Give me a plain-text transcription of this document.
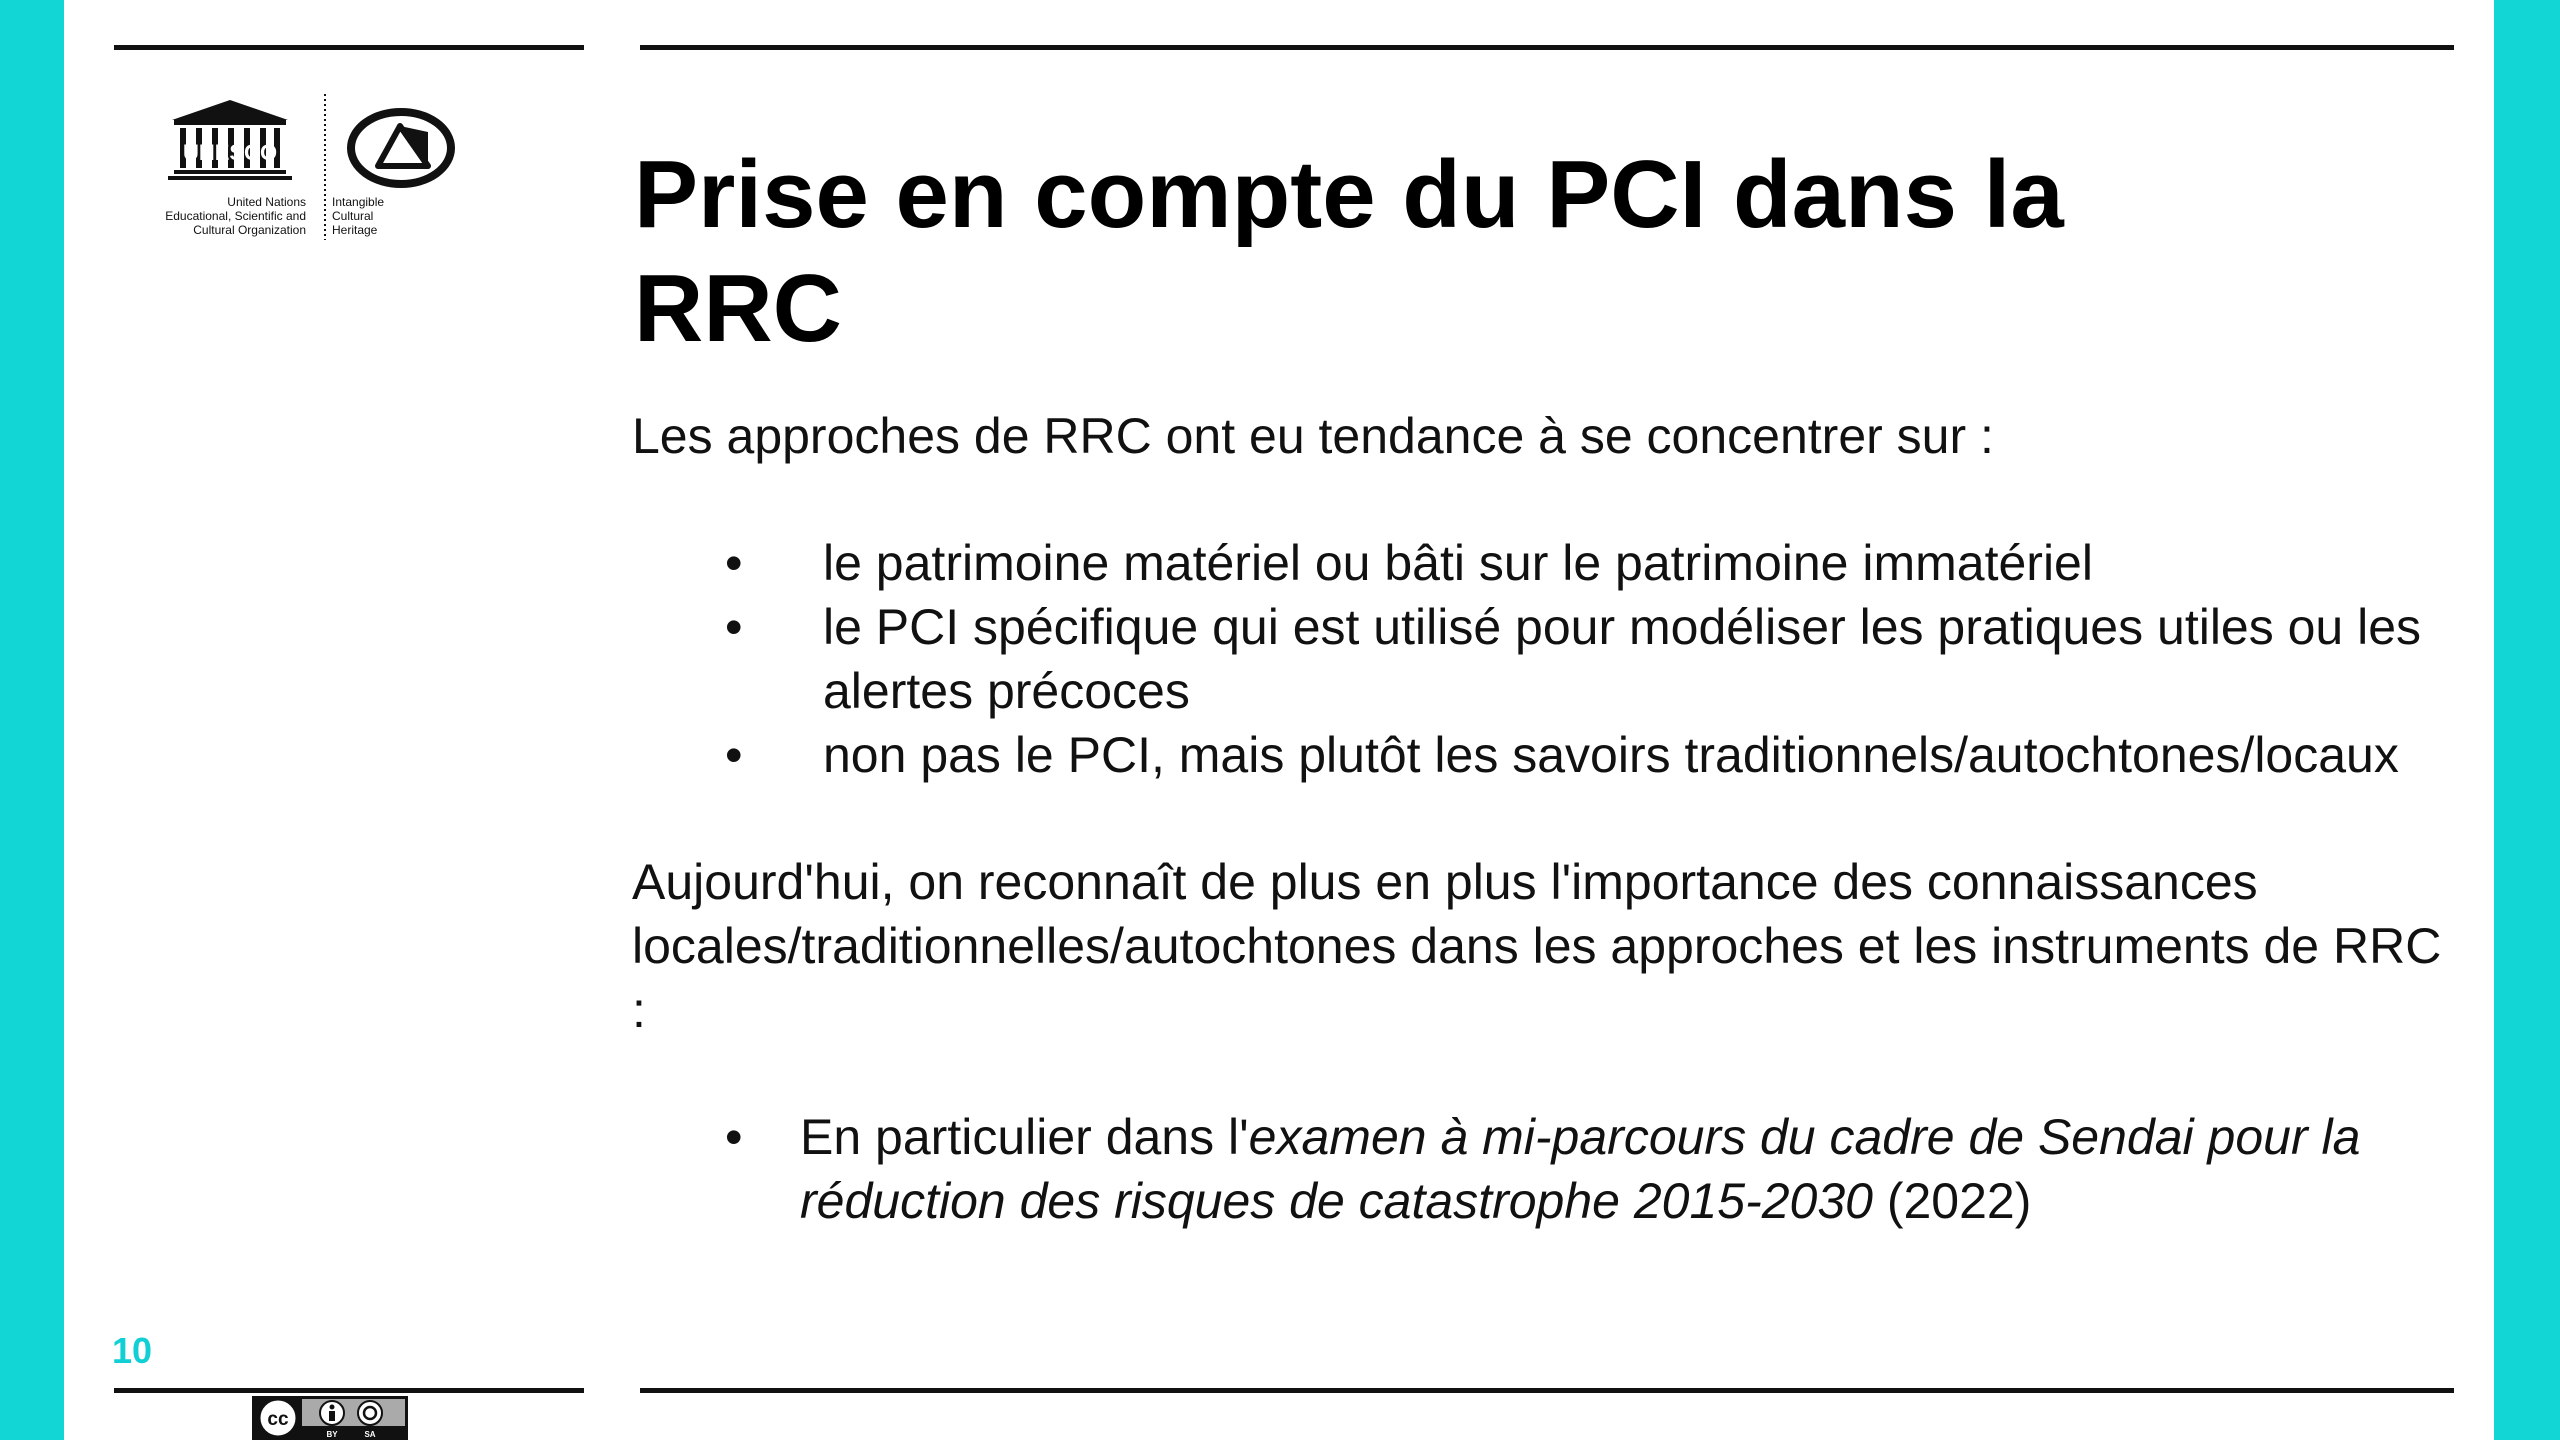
UNESCO
United Nations
Educational, Scientific and
Cultural Organization
Intangible
Cultural
Heritage	Prise en compte du PCI dans la RRC

Les approches de RRC ont eu tendance à se concentrer sur :

• le patrimoine matériel ou bâti sur le patrimoine immatériel
• le PCI spécifique qui est utilisé pour modéliser les pratiques utiles ou les alertes précoces
• non pas le PCI, mais plutôt les savoirs traditionnels/autochtones/locaux

Aujourd'hui, on reconnaît de plus en plus l'importance des connaissances locales/traditionnelles/autochtones dans les approches et les instruments de RRC :

• En particulier dans l'examen à mi-parcours du cadre de Sendai pour la réduction des risques de catastrophe 2015-2030 (2022)
10
cc
BY	SA
